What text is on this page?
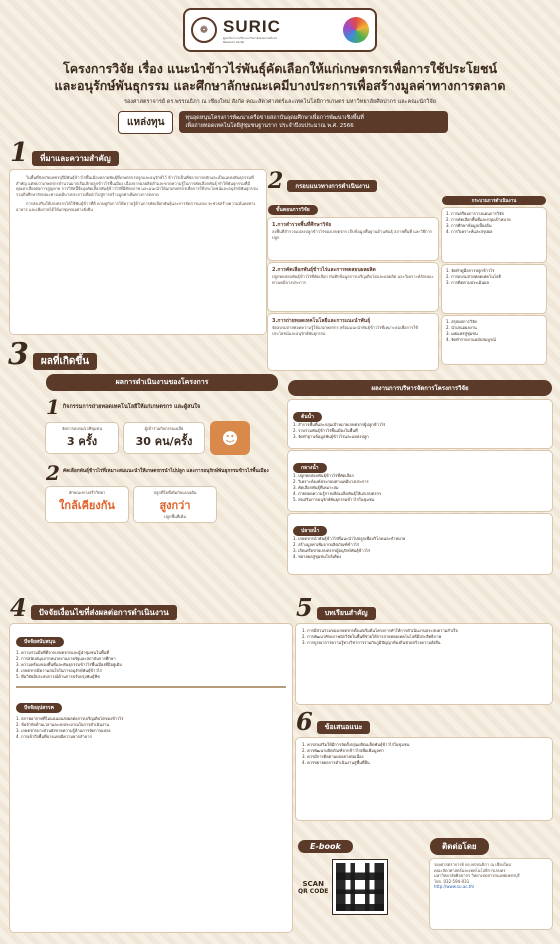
❁ SURIC
ศูนย์บริหารงานวิจัย มหาวิทยาลัยสงขลานครินทร์
Research Center
โครงการวิจัย เรื่อง แนะนำข้าวไร่พันธุ์คัดเลือกให้แก่เกษตรกรเพื่อการใช้ประโยชน์
และอนุรักษ์พันธุกรรม และศึกษาลักษณะเคมีบางประการเพื่อสร้างมูลค่าทางการตลาด
รองศาสตราจารย์ ดร.พรรณธิภา ณ เชียงใหม่ สังกัด คณะสัตวศาสตร์และเทคโนโลยีการเกษตร มหาวิทยาลัยศิลปากร และคณะนักวิจัย
แหล่งทุน	ทุนอุดหนุนโครงการพัฒนาเครือข่ายสถาบันอุดมศึกษาเพื่อการพัฒนาเชิงพื้นที่
เพื่อถ่ายทอดเทคโนโลยีสู่ชุมชนฐานราก ประจำปีงบประมาณ พ.ศ. 2566
1	ที่มาและความสำคัญ
ในพื้นที่จังหวัดเพชรบุรีมีพันธุ์ข้าวไร่พื้นเมืองหลายพันธุ์ที่เกษตรกรปลูกและอนุรักษ์ไว้ ข้าวไร่เป็นพืชอาหารหลักและเป็นแหล่งพันธุกรรมที่สำคัญ แต่พบว่าเกษตรกรจำนวนมากเริ่มเลิกปลูกข้าวไร่พื้นเมือง เนื่องจากผลผลิตต่ำและขาดความรู้ในการคัดเลือกพันธุ์ ทำให้พันธุกรรมที่มีคุณค่าเสี่ยงต่อการสูญหาย การวิจัยนี้จึงมุ่งคัดเลือกพันธุ์ข้าวไร่ที่มีศักยภาพ และแนะนำให้แก่เกษตรกรเพื่อการใช้ประโยชน์และอนุรักษ์พันธุกรรม รวมถึงศึกษาลักษณะทางเคมีบางประการเพื่อนำไปสู่การสร้างมูลค่าเพิ่มทางการตลาด
การส่งเสริมให้เกษตรกรได้ใช้พันธุ์ข้าวที่ดี ควบคู่กับการให้ความรู้ด้านการคัดเลือกพันธุ์และการจัดการแปลง จะช่วยสร้างความมั่นคงทางอาหาร และเพิ่มรายได้ให้แก่ชุมชนอย่างยั่งยืน
2	กรอบแนวทางการดำเนินงาน
ขั้นตอนการวิจัย
1.การสำรวจพื้นที่ศึกษาวิจัย
ลงพื้นที่สำรวจแปลงปลูกข้าวไร่ของเกษตรกร เก็บข้อมูลพื้นฐานด้านพันธุ์ สภาพพื้นที่ และวิธีการปลูก
2.การคัดเลือกพันธุ์ข้าวไร่และการทดสอบผลผลิต
ปลูกทดสอบพันธุ์ข้าวไร่ที่คัดเลือก บันทึกข้อมูลการเจริญเติบโตและผลผลิต และวิเคราะห์ลักษณะทางเคมีบางประการ
3.การถ่ายทอดเทคโนโลยีและการแนะนำพันธุ์
จัดอบรมถ่ายทอดความรู้ให้แก่เกษตรกร พร้อมแนะนำพันธุ์ข้าวไร่ที่เหมาะสมเพื่อการใช้ประโยชน์และอนุรักษ์พันธุกรรม
กระบวนการดำเนินงาน
1. การเตรียมการวางแผนการวิจัย
2. การคัดเลือกพื้นที่และกลุ่มเป้าหมาย
3. การศึกษาข้อมูลเบื้องต้น
4. การวิเคราะห์และสรุปผล
1. จัดทำคู่มือการปลูกข้าวไร่
2. การอบรมถ่ายทอดเทคโนโลยี
3. การติดตามประเมินผล
1. สรุปผลการวิจัย
2. นำเสนอผลงาน
3. เผยแพร่สู่ชุมชน
4. จัดทำรายงานฉบับสมบูรณ์
3	ผลที่เกิดขึ้น
ผลการดำเนินงานของโครงการ
1 กิจกรรมการถ่ายทอดเทคโนโลยีให้แก่เกษตรกร และผู้สนใจ
จัดการอบรม/เวทีชุมชน
3 ครั้ง
ผู้เข้าร่วมกิจกรรมเฉลี่ย
30 คน/ครั้ง	☻
2 คัดเลือกพันธุ์ข้าวไร่ที่เหมาะสมแนะนำให้เกษตรกรนำไปปลูก และการอนุรักษ์พันธุกรรมข้าวไร่พื้นเมือง
ลักษณะทางสรีรวิทยา
ใกล้เคียงกัน
ปลูกที่ใดที่เดิมกับแบบเดิม
สูงกว่า
ปลูกพื้นที่เดิม
ผลงานการบริหารจัดการโครงการวิจัย
ต้นน้ำ
1. สำรวจพื้นที่และกลุ่มเป้าหมายเกษตรกรผู้ปลูกข้าวไร่
2. รวบรวมพันธุ์ข้าวไร่พื้นเมืองในพื้นที่
3. จัดทำฐานข้อมูลพันธุ์ข้าวไร่และแหล่งปลูก
กลางน้ำ
1. ปลูกทดสอบพันธุ์ข้าวไร่ที่คัดเลือก
2. วิเคราะห์องค์ประกอบทางเคมีบางประการ
3. คัดเลือกพันธุ์ที่เหมาะสม
4. ถ่ายทอดความรู้การผลิตเมล็ดพันธุ์ให้แก่เกษตรกร
5. ส่งเสริมการอนุรักษ์พันธุกรรมข้าวไร่ในชุมชน
ปลายน้ำ
1. เกษตรกรนำพันธุ์ข้าวไร่ที่แนะนำไปปลูกเพื่อบริโภคและจำหน่าย
2. สร้างมูลค่าเพิ่มจากผลิตภัณฑ์ข้าวไร่
3. เกิดเครือข่ายเกษตรกรผู้อนุรักษ์พันธุ์ข้าวไร่
4. ขยายผลสู่ชุมชนใกล้เคียง
4	ปัจจัยเงื่อนไขที่ส่งผลต่อการดำเนินงาน
ปัจจัยสนับสนุน
1. ความร่วมมือที่ดีจากเกษตรกรและผู้นำชุมชนในพื้นที่
2. การสนับสนุนจากหน่วยงานภาครัฐและสถาบันการศึกษา
3. ความพร้อมของพื้นที่และพันธุกรรมข้าวไร่พื้นเมืองที่มีอยู่เดิม
4. เกษตรกรมีความสนใจในการอนุรักษ์พันธุ์ข้าวไร่
5. ทีมวิจัยมีประสบการณ์ด้านการปรับปรุงพันธุ์พืช
ปัจจัยอุปสรรค
1. สภาพอากาศที่ไม่แน่นอนส่งผลต่อการเจริญเติบโตของข้าวไร่
2. ข้อจำกัดด้านเวลาและงบประมาณในการดำเนินงาน
3. เกษตรกรบางส่วนยังขาดความรู้ด้านการจัดการแปลง
4. การเข้าถึงพื้นที่บางแห่งมีความยากลำบาก
5	บทเรียนสำคัญ
1. การมีส่วนร่วมของเกษตรกรตั้งแต่เริ่มต้นโครงการทำให้การดำเนินงานประสบความสำเร็จ
2. การพัฒนาศักยภาพนักวิจัยในพื้นที่ช่วยให้การถ่ายทอดเทคโนโลยีมีประสิทธิภาพ
3. การบูรณาการความรู้ทางวิชาการร่วมกับภูมิปัญญาท้องถิ่นช่วยสร้างความยั่งยืน
6	ข้อเสนอแนะ
1. ควรส่งเสริมให้มีการจัดตั้งกลุ่มผลิตเมล็ดพันธุ์ข้าวไร่ในชุมชน
2. ควรพัฒนาผลิตภัณฑ์จากข้าวไร่เพื่อเพิ่มมูลค่า
3. ควรมีการติดตามผลอย่างต่อเนื่อง
4. ควรขยายผลการดำเนินงานสู่พื้นที่อื่น
E-book
SCAN
QR CODE
ติดต่อโดย
รองศาสตราจารย์ ดร.พรรณธิภา ณ เชียงใหม่
คณะสัตวศาสตร์และเทคโนโลยีการเกษตร
มหาวิทยาลัยศิลปากร วิทยาเขตสารสนเทศเพชรบุรี
โทร. 032-594-031
http://www.su.ac.th/
